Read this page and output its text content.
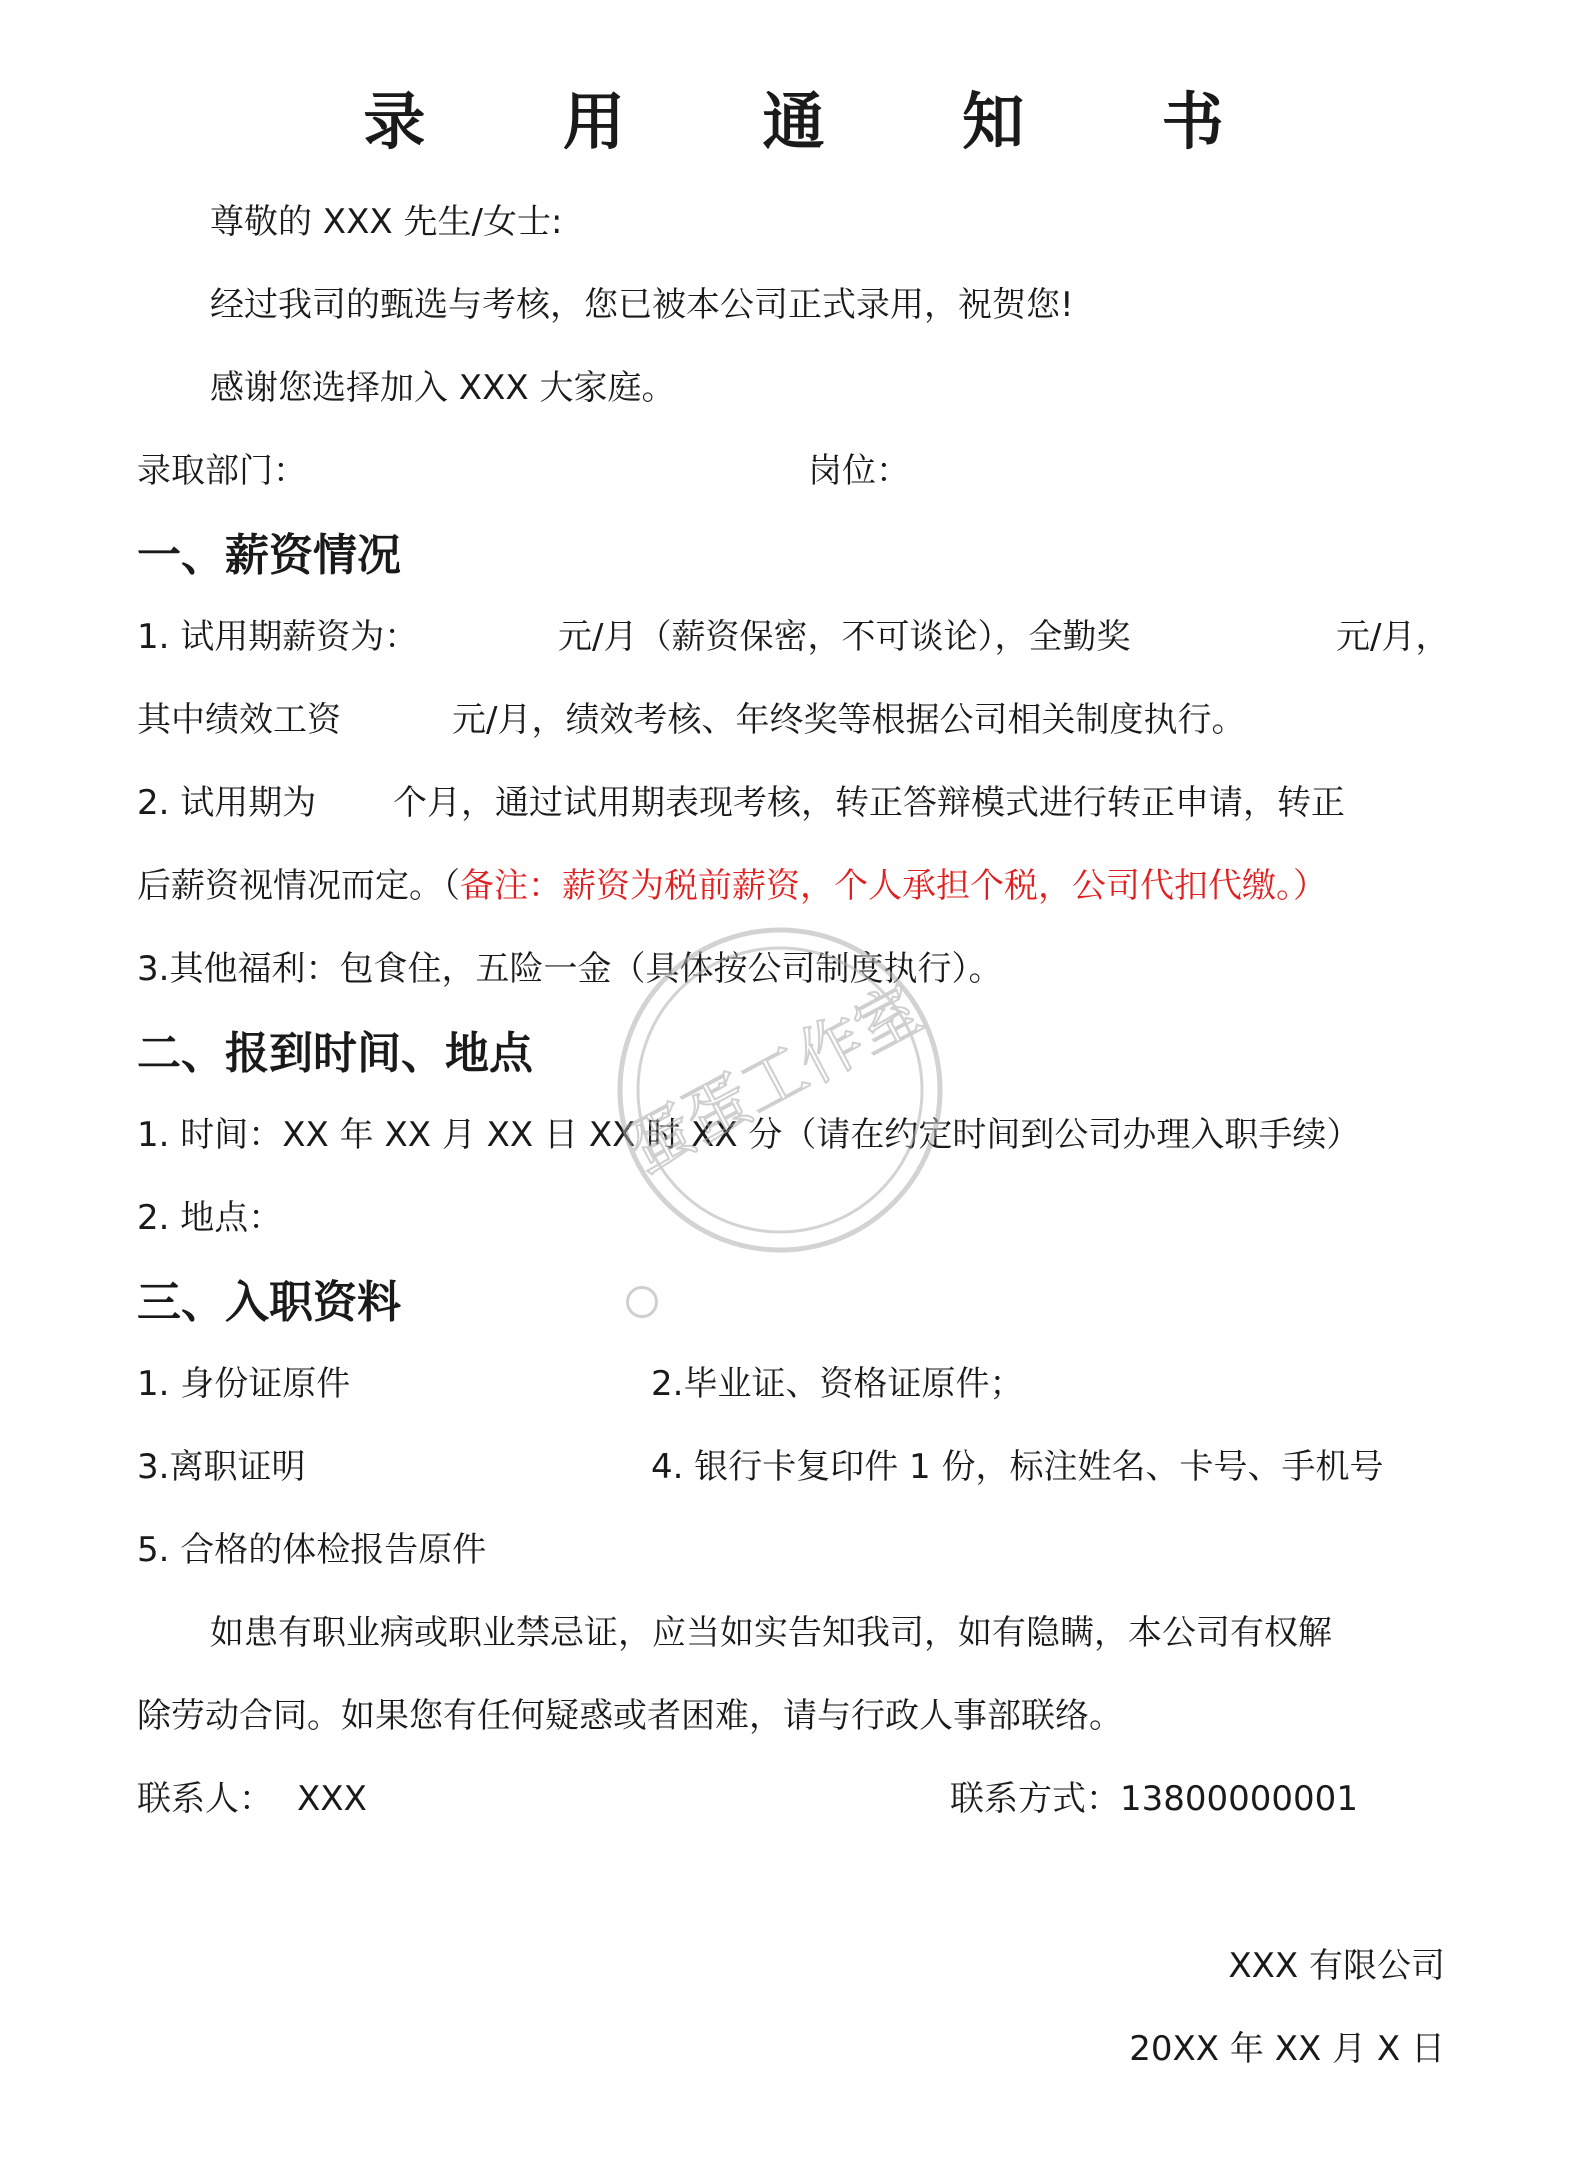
录 用 通 知 书
尊敬的 XXX 先生/女士:
经过我司的甄选与考核，您已被本公司正式录用，祝贺您!
感谢您选择加入 XXX 大家庭。
录取部门：	岗位：
一、薪资情况
1. 试用期薪资为：	元/月（薪资保密，不可谈论），全勤奖	元/月，
其中绩效工资	元/月，绩效考核、年终奖等根据公司相关制度执行。
2. 试用期为 个月，通过试用期表现考核，转正答辩模式进行转正申请，转正
后薪资视情况而定。（备注：薪资为税前薪资，个人承担个税，公司代扣代缴。）
3.其他福利：包食住，五险一金（具体按公司制度执行）。
二、报到时间、地点
1. 时间：XX 年 XX 月 XX 日 XX 时 XX 分（请在约定时间到公司办理入职手续）
2. 地点：
三、入职资料
1. 身份证原件	2.毕业证、资格证原件；
3.离职证明	4. 银行卡复印件 1 份，标注姓名、卡号、手机号
5. 合格的体检报告原件
如患有职业病或职业禁忌证，应当如实告知我司，如有隐瞒，本公司有权解
除劳动合同。如果您有任何疑惑或者困难，请与行政人事部联络。
联系人： XXX	联系方式：13800000001
XXX 有限公司
20XX 年 XX 月 X 日
蛋蛋工作室
